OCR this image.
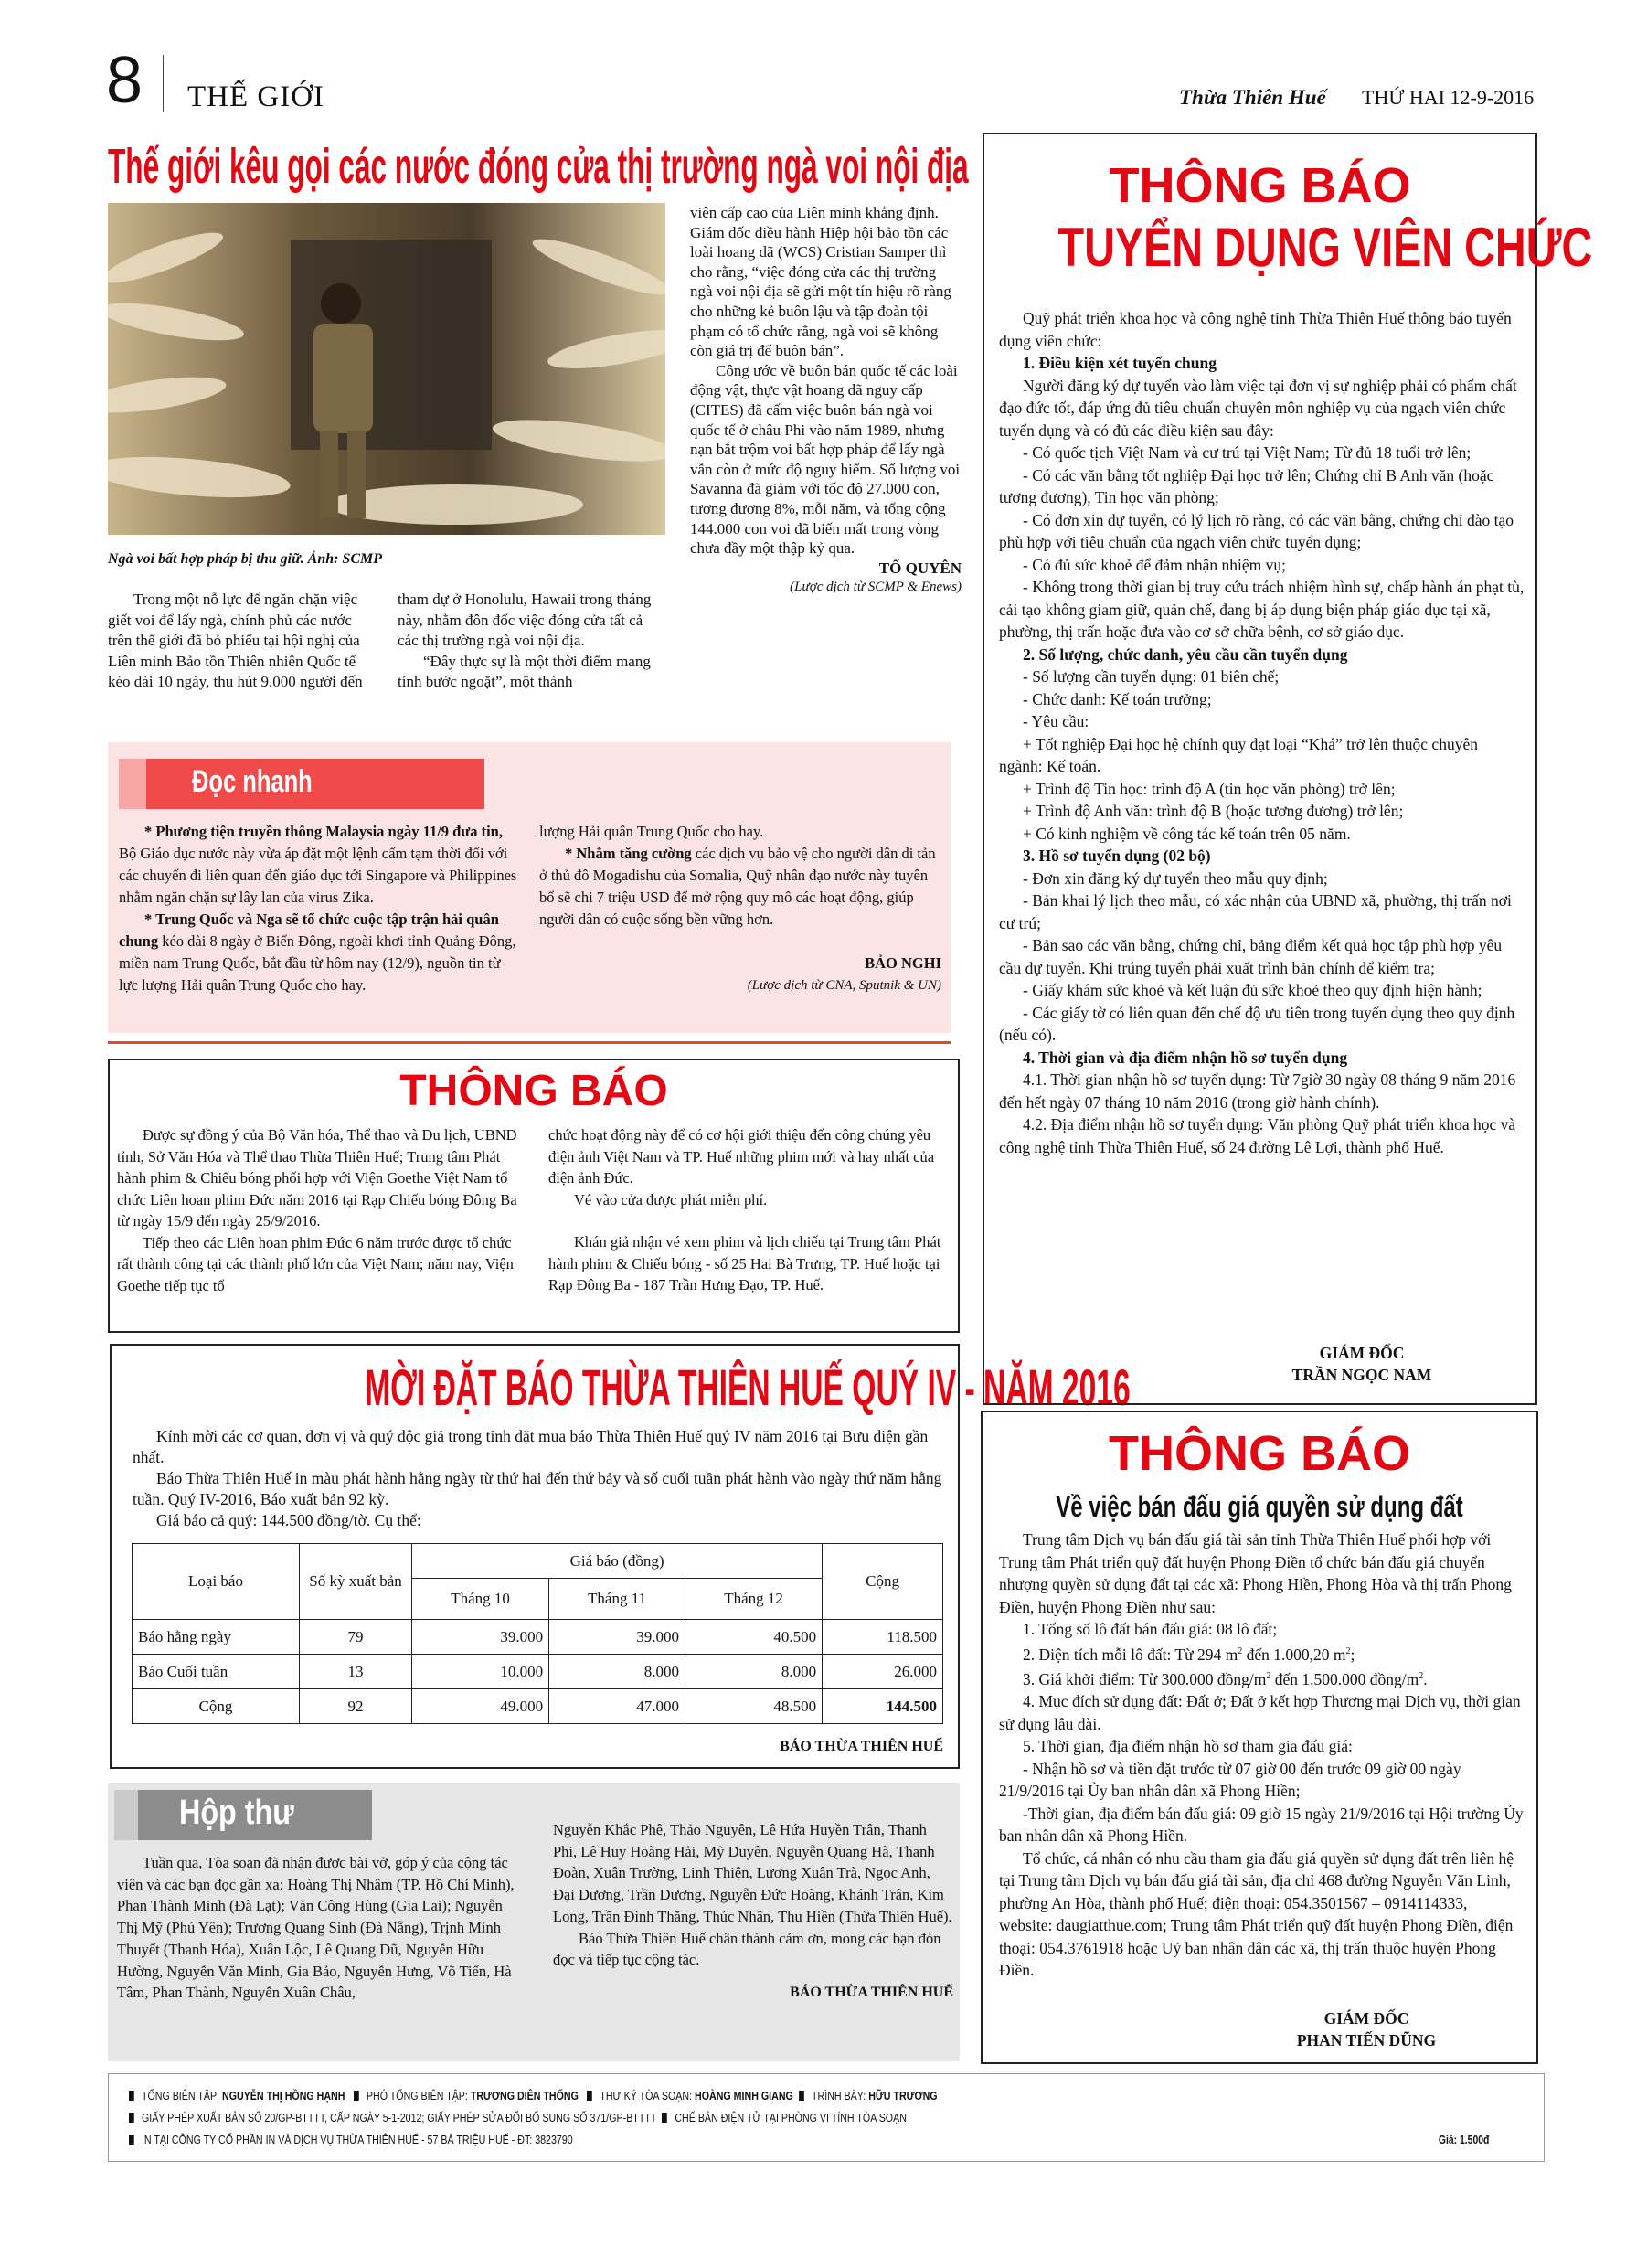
8 THẾ GIỚI	Thừa Thiên Huế THỨ HAI 12-9-2016
Thế giới kêu gọi các nước đóng cửa thị trường ngà voi nội địa
Ngà voi bất hợp pháp bị thu giữ. Ảnh: SCMP

Trong một nỗ lực để ngăn chặn việc giết voi để lấy ngà, chính phủ các nước trên thế giới đã bỏ phiếu tại hội nghị của Liên minh Bảo tồn Thiên nhiên Quốc tế kéo dài 10 ngày, thu hút 9.000 người đến

tham dự ở Honolulu, Hawaii trong tháng này, nhằm đôn đốc việc đóng cửa tất cả các thị trường ngà voi nội địa.

“Đây thực sự là một thời điểm mang tính bước ngoặt”, một thành

viên cấp cao của Liên minh khẳng định. Giám đốc điều hành Hiệp hội bảo tồn các loài hoang dã (WCS) Cristian Samper thì cho rằng, “việc đóng cửa các thị trường ngà voi nội địa sẽ gửi một tín hiệu rõ ràng cho những kẻ buôn lậu và tập đoàn tội phạm có tổ chức rằng, ngà voi sẽ không còn giá trị để buôn bán”.

Công ước về buôn bán quốc tế các loài động vật, thực vật hoang dã nguy cấp (CITES) đã cấm việc buôn bán ngà voi quốc tế ở châu Phi vào năm 1989, nhưng nạn bắt trộm voi bất hợp pháp để lấy ngà vẫn còn ở mức độ nguy hiểm. Số lượng voi Savanna đã giảm với tốc độ 27.000 con, tương đương 8%, mỗi năm, và tổng cộng 144.000 con voi đã biến mất trong vòng chưa đầy một thập kỷ qua.

TỐ QUYÊN
(Lược dịch từ SCMP & Enews)
Đọc nhanh

* Phương tiện truyền thông Malaysia ngày 11/9 đưa tin, Bộ Giáo dục nước này vừa áp đặt một lệnh cấm tạm thời đối với các chuyến đi liên quan đến giáo dục tới Singapore và Philippines nhằm ngăn chặn sự lây lan của virus Zika.

* Trung Quốc và Nga sẽ tổ chức cuộc tập trận hải quân chung kéo dài 8 ngày ở Biển Đông, ngoài khơi tỉnh Quảng Đông, miền nam Trung Quốc, bắt đầu từ hôm nay (12/9), nguồn tin từ lực lượng Hải quân Trung Quốc cho hay.

lượng Hải quân Trung Quốc cho hay.

* Nhằm tăng cường các dịch vụ bảo vệ cho người dân di tản ở thủ đô Mogadishu của Somalia, Quỹ nhân đạo nước này tuyên bố sẽ chi 7 triệu USD để mở rộng quy mô các hoạt động, giúp người dân có cuộc sống bền vững hơn.

BẢO NGHI
(Lược dịch từ CNA, Sputnik & UN)
THÔNG BÁO

Được sự đồng ý của Bộ Văn hóa, Thể thao và Du lịch, UBND tỉnh, Sở Văn Hóa và Thể thao Thừa Thiên Huế; Trung tâm Phát hành phim & Chiếu bóng phối hợp với Viện Goethe Việt Nam tổ chức Liên hoan phim Đức năm 2016 tại Rạp Chiếu bóng Đông Ba từ ngày 15/9 đến ngày 25/9/2016.

Tiếp theo các Liên hoan phim Đức 6 năm trước được tổ chức rất thành công tại các thành phố lớn của Việt Nam; năm nay, Viện Goethe tiếp tục tổ

chức hoạt động này để có cơ hội giới thiệu đến công chúng yêu điện ảnh Việt Nam và TP. Huế những phim mới và hay nhất của điện ảnh Đức.

Vé vào cửa được phát miễn phí.

Khán giả nhận vé xem phim và lịch chiếu tại Trung tâm Phát hành phim & Chiếu bóng - số 25 Hai Bà Trưng, TP. Huế hoặc tại Rạp Đông Ba - 187 Trần Hưng Đạo, TP. Huế.

MỜI ĐẶT BÁO THỪA THIÊN HUẾ QUÝ IV - NĂM 2016

Kính mời các cơ quan, đơn vị và quý độc giả trong tỉnh đặt mua báo Thừa Thiên Huế quý IV năm 2016 tại Bưu điện gần nhất.

Báo Thừa Thiên Huế in màu phát hành hằng ngày từ thứ hai đến thứ bảy và số cuối tuần phát hành vào ngày thứ năm hằng tuần. Quý IV-2016, Báo xuất bản 92 kỳ.

Giá báo cả quý: 144.500 đồng/tờ. Cụ thể:

Loại báo	Số kỳ xuất bản	Giá báo (đồng)			Cộng
		Tháng 10	Tháng 11	Tháng 12	
Báo hằng ngày	79	39.000	39.000	40.500	118.500
Báo Cuối tuần	13	10.000	8.000	8.000	26.000
Cộng	92	49.000	47.000	48.500	144.500
BÁO THỪA THIÊN HUẾ
Hộp thư

Tuần qua, Tòa soạn đã nhận được bài vở, góp ý của cộng tác viên và các bạn đọc gần xa: Hoàng Thị Nhâm (TP. Hồ Chí Minh), Phan Thành Minh (Đà Lạt); Văn Công Hùng (Gia Lai); Nguyễn Thị Mỹ (Phú Yên); Trương Quang Sinh (Đà Nẵng), Trịnh Minh Thuyết (Thanh Hóa), Xuân Lộc, Lê Quang Dũ, Nguyễn Hữu Hường, Nguyễn Văn Minh, Gia Bảo, Nguyễn Hưng, Võ Tiến, Hà Tâm, Phan Thành, Nguyễn Xuân Châu,

Nguyễn Khắc Phê, Thảo Nguyên, Lê Hứa Huyền Trân, Thanh Phi, Lê Huy Hoàng Hải, Mỹ Duyên, Nguyễn Quang Hà, Thanh Đoàn, Xuân Trường, Linh Thiện, Lương Xuân Trà, Ngọc Anh, Đại Dương, Trần Dương, Nguyễn Đức Hoàng, Khánh Trân, Kim Long, Trần Đình Thăng, Thúc Nhân, Thu Hiền (Thừa Thiên Huế).

Báo Thừa Thiên Huế chân thành cảm ơn, mong các bạn đón đọc và tiếp tục cộng tác.

BÁO THỪA THIÊN HUẾ
THÔNG BÁO
TUYỂN DỤNG VIÊN CHỨC

Quỹ phát triển khoa học và công nghệ tỉnh Thừa Thiên Huế thông báo tuyển dụng viên chức:

1. Điều kiện xét tuyển chung

Người đăng ký dự tuyển vào làm việc tại đơn vị sự nghiệp phải có phẩm chất đạo đức tốt, đáp ứng đủ tiêu chuẩn chuyên môn nghiệp vụ của ngạch viên chức tuyển dụng và có đủ các điều kiện sau đây:

- Có quốc tịch Việt Nam và cư trú tại Việt Nam; Từ đủ 18 tuổi trở lên;

- Có các văn bằng tốt nghiệp Đại học trở lên; Chứng chỉ B Anh văn (hoặc tương đương), Tin học văn phòng;

- Có đơn xin dự tuyển, có lý lịch rõ ràng, có các văn bằng, chứng chỉ đào tạo phù hợp với tiêu chuẩn của ngạch viên chức tuyển dụng;

- Có đủ sức khoẻ để đảm nhận nhiệm vụ;

- Không trong thời gian bị truy cứu trách nhiệm hình sự, chấp hành án phạt tù, cải tạo không giam giữ, quản chế, đang bị áp dụng biện pháp giáo dục tại xã, phường, thị trấn hoặc đưa vào cơ sở chữa bệnh, cơ sở giáo dục.

2. Số lượng, chức danh, yêu cầu cần tuyển dụng

- Số lượng cần tuyển dụng: 01 biên chế;

- Chức danh: Kế toán trưởng;

- Yêu cầu:

+ Tốt nghiệp Đại học hệ chính quy đạt loại “Khá” trở lên thuộc chuyên ngành: Kế toán.

+ Trình độ Tin học: trình độ A (tin học văn phòng) trở lên;

+ Trình độ Anh văn: trình độ B (hoặc tương đương) trở lên;

+ Có kinh nghiệm về công tác kế toán trên 05 năm.

3. Hồ sơ tuyển dụng (02 bộ)

- Đơn xin đăng ký dự tuyển theo mẫu quy định;

- Bản khai lý lịch theo mẫu, có xác nhận của UBND xã, phường, thị trấn nơi cư trú;

- Bản sao các văn bằng, chứng chỉ, bảng điểm kết quả học tập phù hợp yêu cầu dự tuyển. Khi trúng tuyển phải xuất trình bản chính để kiểm tra;

- Giấy khám sức khoẻ và kết luận đủ sức khoẻ theo quy định hiện hành;

- Các giấy tờ có liên quan đến chế độ ưu tiên trong tuyển dụng theo quy định (nếu có).

4. Thời gian và địa điểm nhận hồ sơ tuyển dụng

4.1. Thời gian nhận hồ sơ tuyển dụng: Từ 7giờ 30 ngày 08 tháng 9 năm 2016 đến hết ngày 07 tháng 10 năm 2016 (trong giờ hành chính).

4.2. Địa điểm nhận hồ sơ tuyển dụng: Văn phòng Quỹ phát triển khoa học và công nghệ tỉnh Thừa Thiên Huế, số 24 đường Lê Lợi, thành phố Huế.

GIÁM ĐỐC
TRẦN NGỌC NAM
THÔNG BÁO
Về việc bán đấu giá quyền sử dụng đất

Trung tâm Dịch vụ bán đấu giá tài sản tỉnh Thừa Thiên Huế phối hợp với Trung tâm Phát triển quỹ đất huyện Phong Điền tổ chức bán đấu giá chuyển nhượng quyền sử dụng đất tại các xã: Phong Hiền, Phong Hòa và thị trấn Phong Điền, huyện Phong Điền như sau:

1. Tổng số lô đất bán đấu giá: 08 lô đất;

2. Diện tích mỗi lô đất: Từ 294 $m^2$ đến 1.000,20 $m^2$;

3. Giá khởi điểm: Từ 300.000 đồng/$m^2$ đến 1.500.000 đồng/$m^2$.

4. Mục đích sử dụng đất: Đất ở; Đất ở kết hợp Thương mại Dịch vụ, thời gian sử dụng lâu dài.

5. Thời gian, địa điểm nhận hồ sơ tham gia đấu giá:

- Nhận hồ sơ và tiền đặt trước từ 07 giờ 00 đến trước 09 giờ 00 ngày 21/9/2016 tại Ủy ban nhân dân xã Phong Hiền;

-Thời gian, địa điểm bán đấu giá: 09 giờ 15 ngày 21/9/2016 tại Hội trường Ủy ban nhân dân xã Phong Hiền.

Tổ chức, cá nhân có nhu cầu tham gia đấu giá quyền sử dụng đất trên liên hệ tại Trung tâm Dịch vụ bán đấu giá tài sản, địa chỉ 468 đường Nguyễn Văn Linh, phường An Hòa, thành phố Huế; điện thoại: 054.3501567 – 0914114333, website: daugiatthue.com; Trung tâm Phát triển quỹ đất huyện Phong Điền, điện thoại: 054.3761918 hoặc Uỷ ban nhân dân các xã, thị trấn thuộc huyện Phong Điền.

GIÁM ĐỐC
PHAN TIẾN DŨNG
TỔNG BIÊN TẬP: NGUYỄN THỊ HỒNG HẠNH PHÓ TỔNG BIÊN TẬP: TRƯƠNG DIÊN THỐNG THƯ KÝ TÒA SOẠN: HOÀNG MINH GIANG TRÌNH BÀY: HỮU TRƯƠNG
GIẤY PHÉP XUẤT BẢN SỐ 20/GP-BTTTT, CẤP NGÀY 5-1-2012; GIẤY PHÉP SỬA ĐỔI BỔ SUNG SỐ 371/GP-BTTTT CHẾ BẢN ĐIỆN TỬ TẠI PHÒNG VI TÍNH TÒA SOẠN
IN TẠI CÔNG TY CỔ PHẦN IN VÀ DỊCH VỤ THỪA THIÊN HUẾ - 57 BÀ TRIỆU HUẾ - ĐT: 3823790	Giá: 1.500đ
